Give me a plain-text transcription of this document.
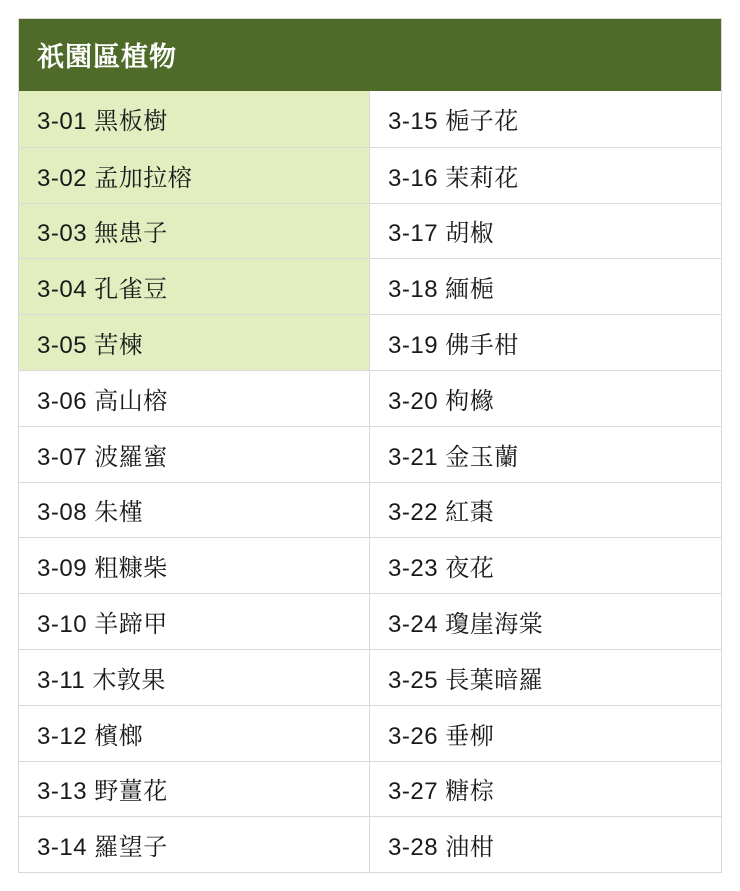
祇園區植物
3-01 黑板樹
3-02 孟加拉榕
3-03 無患子
3-04 孔雀豆
3-05 苦楝
3-06 高山榕
3-07 波羅蜜
3-08 朱槿
3-09 粗糠柴
3-10 羊蹄甲
3-11 木敦果
3-12 檳榔
3-13 野薑花
3-14 羅望子
3-15 梔子花
3-16 茉莉花
3-17 胡椒
3-18 緬梔
3-19 佛手柑
3-20 枸櫞
3-21 金玉蘭
3-22 紅棗
3-23 夜花
3-24 瓊崖海棠
3-25 長葉暗羅
3-26 垂柳
3-27 糖棕
3-28 油柑
